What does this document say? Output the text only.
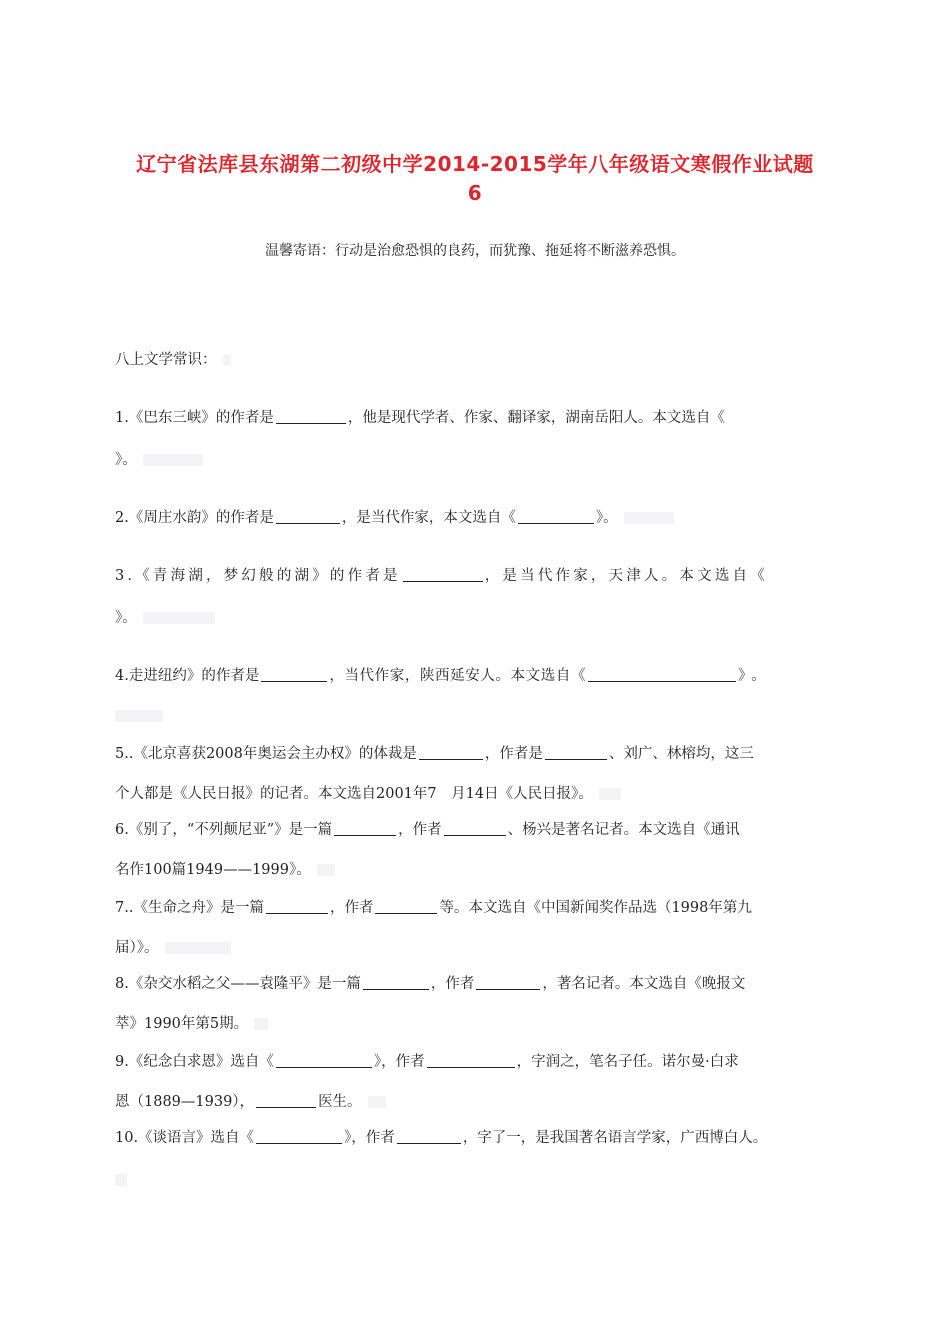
辽宁省法库县东湖第二初级中学2014-2015学年八年级语文寒假作业试题
6
温馨寄语：行动是治愈恐惧的良药，而犹豫、拖延将不断滋养恐惧。
八上文学常识：
1.《巴东三峡》的作者是	，他是现代学者、作家、翻译家，湖南岳阳人。本文选自《
》。
2.《周庄水韵》的作者是	，是当代作家，本文选自《	》。
3.《青海湖，梦幻般的湖》的作者是	，是当代作家，天津人。本文选自《
》。
4.走进纽约》的作者是	，当代作家，陕西延安人。本文选自《	》。
5..《北京喜获2008年奥运会主办权》的体裁是	，作者是	、刘广、林榕均，这三
个人都是《人民日报》的记者。本文选自2001年7　月14日《人民日报》。
6.《别了，“不列颠尼亚”》是一篇	，作者	、杨兴是著名记者。本文选自《通讯
名作100篇1949——1999》。
7..《生命之舟》是一篇	，作者	等。本文选自《中国新闻奖作品选（1998年第九
届）》。
8.《杂交水稻之父——袁隆平》是一篇	，作者	，著名记者。本文选自《晚报文
萃》1990年第5期。
9.《纪念白求恩》选自《	》，作者	，字润之，笔名子任。诺尔曼·白求
恩（1889—1939），	医生。
10.《谈语言》选自《	》，作者	，字了一，是我国著名语言学家，广西博白人。
